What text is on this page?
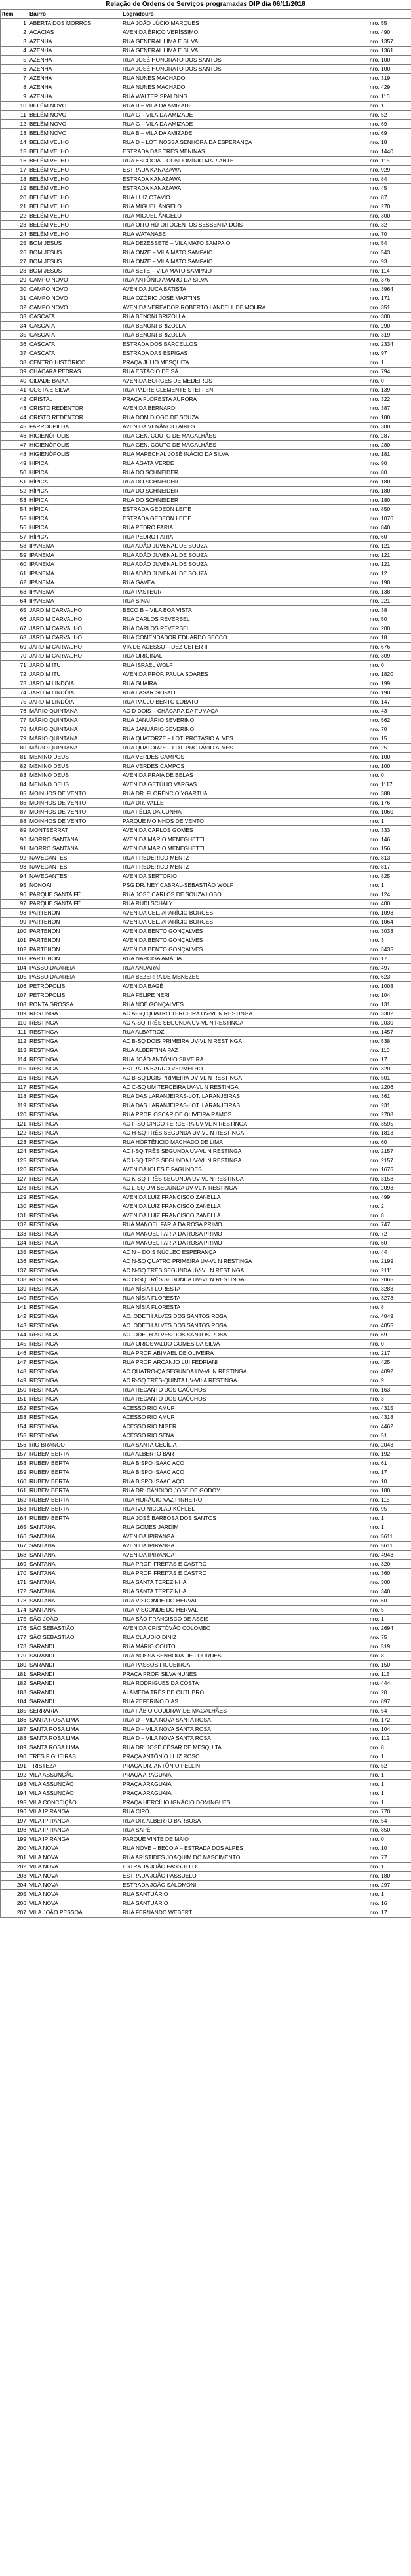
Relação de Ordens de Serviços programadas DIP dia 06/11/2018
Item	Bairro	Logradouro	
1	ABERTA DOS MORROS	RUA JOÃO LÚCIO MARQUES	nro. 55
2	ACÁCIAS	AVENIDA ÉRICO VERÍSSIMO	nro. 490
3	AZENHA	RUA GENERAL LIMA E SILVA	nro. 1357
4	AZENHA	RUA GENERAL LIMA E SILVA	nro. 1361
5	AZENHA	RUA JOSÉ HONORATO DOS SANTOS	nro. 100
6	AZENHA	RUA JOSÉ HONORATO DOS SANTOS	nro. 100
7	AZENHA	RUA NUNES MACHADO	nro. 319
8	AZENHA	RUA NUNES MACHADO	nro. 429
9	AZENHA	RUA WALTER SPALDING	nro. 110
10	BELÉM NOVO	RUA B – VILA DA AMIZADE	nro. 1
11	BELÉM NOVO	RUA G – VILA DA AMIZADE	nro. 52
12	BELÉM NOVO	RUA G – VILA DA AMIZADE	nro. 69
13	BELÉM NOVO	RUA B – VILA DA AMIZADE	nro. 69
14	BELÉM VELHO	RUA D – LOT. NOSSA SENHORA DA ESPERANÇA	nro. 18
15	BELÉM VELHO	ESTRADA DAS TRÊS MENINAS	nro. 1440
16	BELÉM VELHO	RUA ESCÓCIA – CONDOMÍNIO MARIANTE	nro. 115
17	BELÉM VELHO	ESTRADA KANAZAWA	nro. 929
18	BELÉM VELHO	ESTRADA KANAZAWA	nro. 84
19	BELÉM VELHO	ESTRADA KANAZAWA	nro. 45
20	BELÉM VELHO	RUA LUIZ OTÁVIO	nro. 87
21	BELÉM VELHO	RUA MIGUEL ÂNGELO	nro. 270
22	BELÉM VELHO	RUA MIGUEL ÂNGELO	nro. 300
23	BELÉM VELHO	RUA OITO HÚ OITOCENTOS SESSENTA DOIS	nro. 32
24	BELÉM VELHO	RUA WATANABE	nro. 70
25	BOM JESUS	RUA DEZESSETE – VILA MATO SAMPAIO	nro. 54
26	BOM JESUS	RUA ONZE – VILA MATO SAMPAIO	nro. 543
27	BOM JESUS	RUA ONZE – VILA MATO SAMPAIO	nro. 93
28	BOM JESUS	RUA SETE – VILA MATO SAMPAIO	nro. 114
29	CAMPO NOVO	RUA ANTÔNIO AMARO DA SILVA	nro. 376
30	CAMPO NOVO	AVENIDA JUCA BATISTA	nro. 3964
31	CAMPO NOVO	RUA OZÓRIO JOSÉ MARTINS	nro. 171
32	CAMPO NOVO	AVENIDA VEREADOR ROBERTO LANDELL DE MOURA	nro. 351
33	CASCATA	RUA BENONI BRIZOLLA	nro. 300
34	CASCATA	RUA BENONI BRIZOLLA	nro. 290
35	CASCATA	RUA BENONI BRIZOLLA	nro. 319
36	CASCATA	ESTRADA DOS BARCELLOS	nro. 2334
37	CASCATA	ESTRADA DAS ESPIGAS	nro. 97
38	CENTRO HISTÓRICO	PRAÇA JÚLIO MESQUITA	nro. 1
39	CHÁCARA PEDRAS	RUA ESTÁCIO DE SÁ	nro. 794
40	CIDADE BAIXA	AVENIDA BORGES DE MEDEIROS	nro. 0
41	COSTA E SILVA	RUA PADRE CLEMENTE STEFFEN	nro. 139
42	CRISTAL	PRAÇA FLORESTA AURORA	nro. 322
43	CRISTO REDENTOR	AVENIDA BERNARDI	nro. 387
44	CRISTO REDENTOR	RUA DOM DIOGO DE SOUZA	nro. 180
45	FARROUPILHA	AVENIDA VENÂNCIO AIRES	nro. 300
46	HIGIENÓPOLIS	RUA GEN. COUTO DE MAGALHÃES	nro. 287
47	HIGIENÓPOLIS	RUA GEN. COUTO DE MAGALHÃES	nro. 280
48	HIGIENÓPOLIS	RUA MARECHAL JOSÉ INÁCIO DA SILVA	nro. 181
49	HÍPICA	RUA ÁGATA VERDE	nro. 90
50	HÍPICA	RUA DO SCHNEIDER	nro. 80
51	HÍPICA	RUA DO SCHNEIDER	nro. 180
52	HÍPICA	RUA DO SCHNEIDER	nro. 180
53	HÍPICA	RUA DO SCHNEIDER	nro. 180
54	HÍPICA	ESTRADA GEDEON LEITE	nro. 850
55	HÍPICA	ESTRADA GEDEON LEITE	nro. 1076
56	HÍPICA	RUA PEDRO FARIA	nro. 840
57	HÍPICA	RUA PEDRO FARIA	nro. 60
58	IPANEMA	RUA ADÃO JUVENAL DE SOUZA	nro. 121
59	IPANEMA	RUA ADÃO JUVENAL DE SOUZA	nro. 121
60	IPANEMA	RUA ADÃO JUVENAL DE SOUZA	nro. 121
61	IPANEMA	RUA ADÃO JUVENAL DE SOUZA	nro. 12
62	IPANEMA	RUA GÁVEA	nro. 190
63	IPANEMA	RUA PASTEUR	nro. 138
64	IPANEMA	RUA SINAI	nro. 221
65	JARDIM CARVALHO	BECO B – VILA BOA VISTA	nro. 38
66	JARDIM CARVALHO	RUA CARLOS REVERBEL	nro. 50
67	JARDIM CARVALHO	RUA CARLOS REVERBEL	nro. 200
68	JARDIM CARVALHO	RUA COMENDADOR EDUARDO SECCO	nro. 18
69	JARDIM CARVALHO	VIA DE ACESSO – DEZ CEFER II	nro. 676
70	JARDIM CARVALHO	RUA ORIGINAL	nro. 309
71	JARDIM ITU	RUA ISRAEL WOLF	nro. 0
72	JARDIM ITU	AVENIDA PROF. PAULA SOARES	nro. 1820
73	JARDIM LINDÓIA	RUA GUAÍRA	nro. 199
74	JARDIM LINDÓIA	RUA LASAR SEGALL	nro. 190
75	JARDIM LINDÓIA	RUA PAULO BENTO LOBATO	nro. 147
76	MÁRIO QUINTANA	AC D DOIS – CHÁCARA DA FUMAÇA	nro. 43
77	MÁRIO QUINTANA	RUA JANUÁRIO SEVERINO	nro. 562
78	MÁRIO QUINTANA	RUA JANUÁRIO SEVERINO	nro. 70
79	MÁRIO QUINTANA	RUA QUATORZE – LOT. PROTÁSIO ALVES	nro. 15
80	MÁRIO QUINTANA	RUA QUATORZE – LOT. PROTÁSIO ALVES	nro. 25
81	MENINO DEUS	RUA VERDES CAMPOS	nro. 100
82	MENINO DEUS	RUA VERDES CAMPOS	nro. 100
83	MENINO DEUS	AVENIDA PRAIA DE BELAS	nro. 0
84	MENINO DEUS	AVENIDA GETÚLIO VARGAS	nro. 1117
85	MOINHOS DE VENTO	RUA DR. FLORÊNCIO YGARTUA	nro. 388
86	MOINHOS DE VENTO	RUA DR. VALLE	nro. 176
87	MOINHOS DE VENTO	RUA FÉLIX DA CUNHA	nro. 1060
88	MOINHOS DE VENTO	PARQUE MOINHOS DE VENTO	nro. 1
89	MONTSERRAT	AVENIDA CARLOS GOMES	nro. 333
90	MORRO SANTANA	AVENIDA MARIO MENEGHETTI	nro. 146
91	MORRO SANTANA	AVENIDA MARIO MENEGHETTI	nro. 156
92	NAVEGANTES	RUA FREDERICO MENTZ	nro. 813
93	NAVEGANTES	RUA FREDERICO MENTZ	nro. 817
94	NAVEGANTES	AVENIDA SERTÓRIO	nro. 825
95	NONOAI	PSG DR. NEY CABRAL-SEBASTIÃO WOLF	nro. 1
96	PARQUE SANTA FÉ	RUA JOSÉ CARLOS DE SOUZA LOBO	nro. 124
97	PARQUE SANTA FÉ	RUA RUDI SCHALY	nro. 400
98	PARTENON	AVENIDA CEL. APARÍCIO BORGES	nro. 1093
99	PARTENON	AVENIDA CEL. APARÍCIO BORGES	nro. 1064
100	PARTENON	AVENIDA BENTO GONÇALVES	nro. 3033
101	PARTENON	AVENIDA BENTO GONÇALVES	nro. 3
102	PARTENON	AVENIDA BENTO GONÇALVES	nro. 3435
103	PARTENON	RUA NARCISA AMÁLIA	nro. 17
104	PASSO DA AREIA	RUA ANDARAÍ	nro. 497
105	PASSO DA AREIA	RUA BEZERRA DE MENEZES	nro. 623
106	PETRÓPOLIS	AVENIDA BAGÉ	nro. 1008
107	PETRÓPOLIS	RUA FELIPE NERI	nro. 104
108	PONTA GROSSA	RUA NOÉ GONÇALVES	nro. 131
109	RESTINGA	AC A-SQ QUATRO TERCEIRA UV-VL N RESTINGA	nro. 3302
110	RESTINGA	AC A-SQ TRÊS SEGUNDA UV-VL N RESTINGA	nro. 2030
111	RESTINGA	RUA ALBATROZ	nro. 1457
112	RESTINGA	AC B-SQ DOIS PRIMEIRA UV-VL N RESTINGA	nro. 538
113	RESTINGA	RUA ALBERTINA PAZ	nro. 110
114	RESTINGA	RUA JOÃO ANTÔNIO SILVEIRA	nro. 17
115	RESTINGA	ESTRADA BARRO VERMELHO	nro. 320
116	RESTINGA	AC B-SQ DOIS PRIMEIRA UV-VL N RESTINGA	nro. 501
117	RESTINGA	AC C-SQ UM TERCEIRA UV-VL N RESTINGA	nro. 2206
118	RESTINGA	RUA DAS LARANJEIRAS-LOT. LARANJEIRAS	nro. 361
119	RESTINGA	RUA DAS LARANJEIRAS-LOT. LARANJEIRAS	nro. 231
120	RESTINGA	RUA PROF. OSCAR DE OLIVEIRA RAMOS	nro. 2708
121	RESTINGA	AC F-SQ CINCO TERCEIRA UV-VL N RESTINGA	nro. 3595
122	RESTINGA	AC H-SQ TRÊS SEGUNDA UV-VL N RESTINGA	nro. 1813
123	RESTINGA	RUA HORTÊNCIO MACHADO DE LIMA	nro. 60
124	RESTINGA	AC I-SQ TRÊS SEGUNDA UV-VL N RESTINGA	nro. 2157
125	RESTINGA	AC I-SQ TRÊS SEGUNDA UV-VL N RESTINGA	nro. 2157
126	RESTINGA	AVENIDA IOLES E FAGUNDES	nro. 1675
127	RESTINGA	AC K-SQ TRÊS SEGUNDA UV-VL N RESTINGA	nro. 3158
128	RESTINGA	AC L-SQ UM SEGUNDA UV-VL N RESTINGA	nro. 2093
129	RESTINGA	AVENIDA LUIZ FRANCISCO ZANELLA	nro. 499
130	RESTINGA	AVENIDA LUIZ FRANCISCO ZANELLA	nro. 2
131	RESTINGA	AVENIDA LUIZ FRANCISCO ZANELLA	nro. 8
132	RESTINGA	RUA MANOEL FARIA DA ROSA PRIMO	nro. 747
133	RESTINGA	RUA MANOEL FARIA DA ROSA PRIMO	nro. 72
134	RESTINGA	RUA MANOEL FARIA DA ROSA PRIMO	nro. 60
135	RESTINGA	AC N – DOIS NÚCLEO ESPERANÇA	nro. 44
136	RESTINGA	AC N-SQ QUATRO PRIMEIRA UV-VL N RESTINGA	nro. 2199
137	RESTINGA	AC N-SQ TRÊS SEGUNDA UV-VL N RESTINGA	nro. 2111
138	RESTINGA	AC O-SQ TRÊS SEGUNDA UV-VL N RESTINGA	nro. 2065
139	RESTINGA	RUA NÍSIA FLORESTA	nro. 3283
140	RESTINGA	RUA NÍSIA FLORESTA	nro. 3278
141	RESTINGA	RUA NÍSIA FLORESTA	nro. 8
142	RESTINGA	AC. ODETH ALVES DOS SANTOS ROSA	nro. 4049
143	RESTINGA	AC. ODETH ALVES DOS SANTOS ROSA	nro. 4055
144	RESTINGA	AC. ODETH ALVES DOS SANTOS ROSA	nro. 69
145	RESTINGA	RUA ORIOSVALDO GOMES DA SILVA	nro. 0
146	RESTINGA	RUA PROF. ABIMAEL DE OLIVEIRA	nro. 217
147	RESTINGA	RUA PROF. ARCANJO LUI FEDRIANI	nro. 425
148	RESTINGA	AC QUATRO-QA SEGUNDA UV-VL N RESTINGA	nro. 4092
149	RESTINGA	AC R-SQ TRÊS-QUINTA UV-VILA RESTINGA	nro. 9
150	RESTINGA	RUA RECANTO DOS GAÚCHOS	nro. 163
151	RESTINGA	RUA RECANTO DOS GAÚCHOS	nro. 3
152	RESTINGA	ACESSO RIO AMUR	nro. 4315
153	RESTINGA	ACESSO RIO AMUR	nro. 4318
154	RESTINGA	ACESSO RIO NIGER	nro. 4462
155	RESTINGA	ACESSO RIO SENA	nro. 51
156	RIO BRANCO	RUA SANTA CECÍLIA	nro. 2043
157	RUBEM BERTA	RUA ALBERTO BAR	nro. 192
158	RUBEM BERTA	RUA BISPO ISAAC AÇO	nro. 61
159	RUBEM BERTA	RUA BISPO ISAAC AÇO	nro. 17
160	RUBEM BERTA	RUA BISPO ISAAC AÇO	nro. 10
161	RUBEM BERTA	RUA DR. CÂNDIDO JOSÉ DE GODOY	nro. 180
162	RUBEM BERTA	RUA HORÁCIO VAZ PINHEIRO	nro. 115
163	RUBEM BERTA	RUA IVO NICOLAU KÜHLEL	nro. 95
164	RUBEM BERTA	RUA JOSÉ BARBOSA DOS SANTOS	nro. 1
165	SANTANA	RUA GOMES JARDIM	nro. 1
166	SANTANA	AVENIDA IPIRANGA	nro. 5611
167	SANTANA	AVENIDA IPIRANGA	nro. 5611
168	SANTANA	AVENIDA IPIRANGA	nro. 4943
169	SANTANA	RUA PROF. FREITAS E CASTRO	nro. 320
170	SANTANA	RUA PROF. FREITAS E CASTRO	nro. 360
171	SANTANA	RUA SANTA TEREZINHA	nro. 300
172	SANTANA	RUA SANTA TEREZINHA	nro. 340
173	SANTANA	RUA VISCONDE DO HERVAL	nro. 60
174	SANTANA	RUA VISCONDE DO HERVAL	nro. 5
175	SÃO JOÃO	RUA SÃO FRANCISCO DE ASSIS	nro. 1
176	SÃO SEBASTIÃO	AVENIDA CRISTÓVÃO COLOMBO	nro. 2694
177	SÃO SEBASTIÃO	RUA CLÁUDIO DINIZ	nro. 75
178	SARANDI	RUA MÁRIO COUTO	nro. 519
179	SARANDI	RUA NOSSA SENHORA DE LOURDES	nro. 8
180	SARANDI	RUA PASSOS FIGUEIROA	nro. 150
181	SARANDI	PRAÇA PROF. SILVA NUNES	nro. 115
182	SARANDI	RUA RODRIGUES DA COSTA	nro. 444
183	SARANDI	ALAMEDA TRÊS DE OUTUBRO	nro. 20
184	SARANDI	RUA ZEFERINO DIAS	nro. 897
185	SERRARIA	RUA FÁBIO COUDRAY DE MAGALHÃES	nro. 54
186	SANTA ROSA LIMA	RUA D – VILA NOVA SANTA ROSA	nro. 172
187	SANTA ROSA LIMA	RUA D – VILA NOVA SANTA ROSA	nro. 104
188	SANTA ROSA LIMA	RUA D – VILA NOVA SANTA ROSA	nro. 112
189	SANTA ROSA LIMA	RUA DR. JOSÉ CÉSAR DE MESQUITA	nro. 8
190	TRÊS FIGUEIRAS	PRAÇA ANTÔNIO LUIZ ROSO	nro. 1
191	TRISTEZA	PRAÇA DR. ANTÔNIO PELLIN	nro. 52
192	VILA ASSUNÇÃO	PRAÇA ARAGUAIA	nro. 1
193	VILA ASSUNÇÃO	PRAÇA ARAGUAIA	nro. 1
194	VILA ASSUNÇÃO	PRAÇA ARAGUAIA	nro. 1
195	VILA CONCEIÇÃO	PRAÇA HERCÍLIO IGNÁCIO DOMINGUES	nro. 1
196	VILA IPIRANGA	RUA CIPÓ	nro. 770
197	VILA IPIRANGA	RUA DR. ALBERTO BARBOSA	nro. 54
198	VILA IPIRANGA	RUA SAPÉ	nro. 850
199	VILA IPIRANGA	PARQUE VINTE DE MAIO	nro. 0
200	VILA NOVA	RUA NOVE – BECO A – ESTRADA DOS ALPES	nro. 10
201	VILA NOVA	RUA ARISTIDES JOAQUIM DO NASCIMENTO	nro. 77
202	VILA NOVA	ESTRADA JOÃO PASSUELO	nro. 1
203	VILA NOVA	ESTRADA JOÃO PASSUELO	nro. 180
204	VILA NOVA	ESTRADA JOÃO SALOMONI	nro. 297
205	VILA NOVA	RUA SANTUÁRIO	nro. 1
206	VILA NOVA	RUA SANTUÁRIO	nro. 16
207	VILA JOÃO PESSOA	RUA FERNANDO WEBERT	nro. 17
